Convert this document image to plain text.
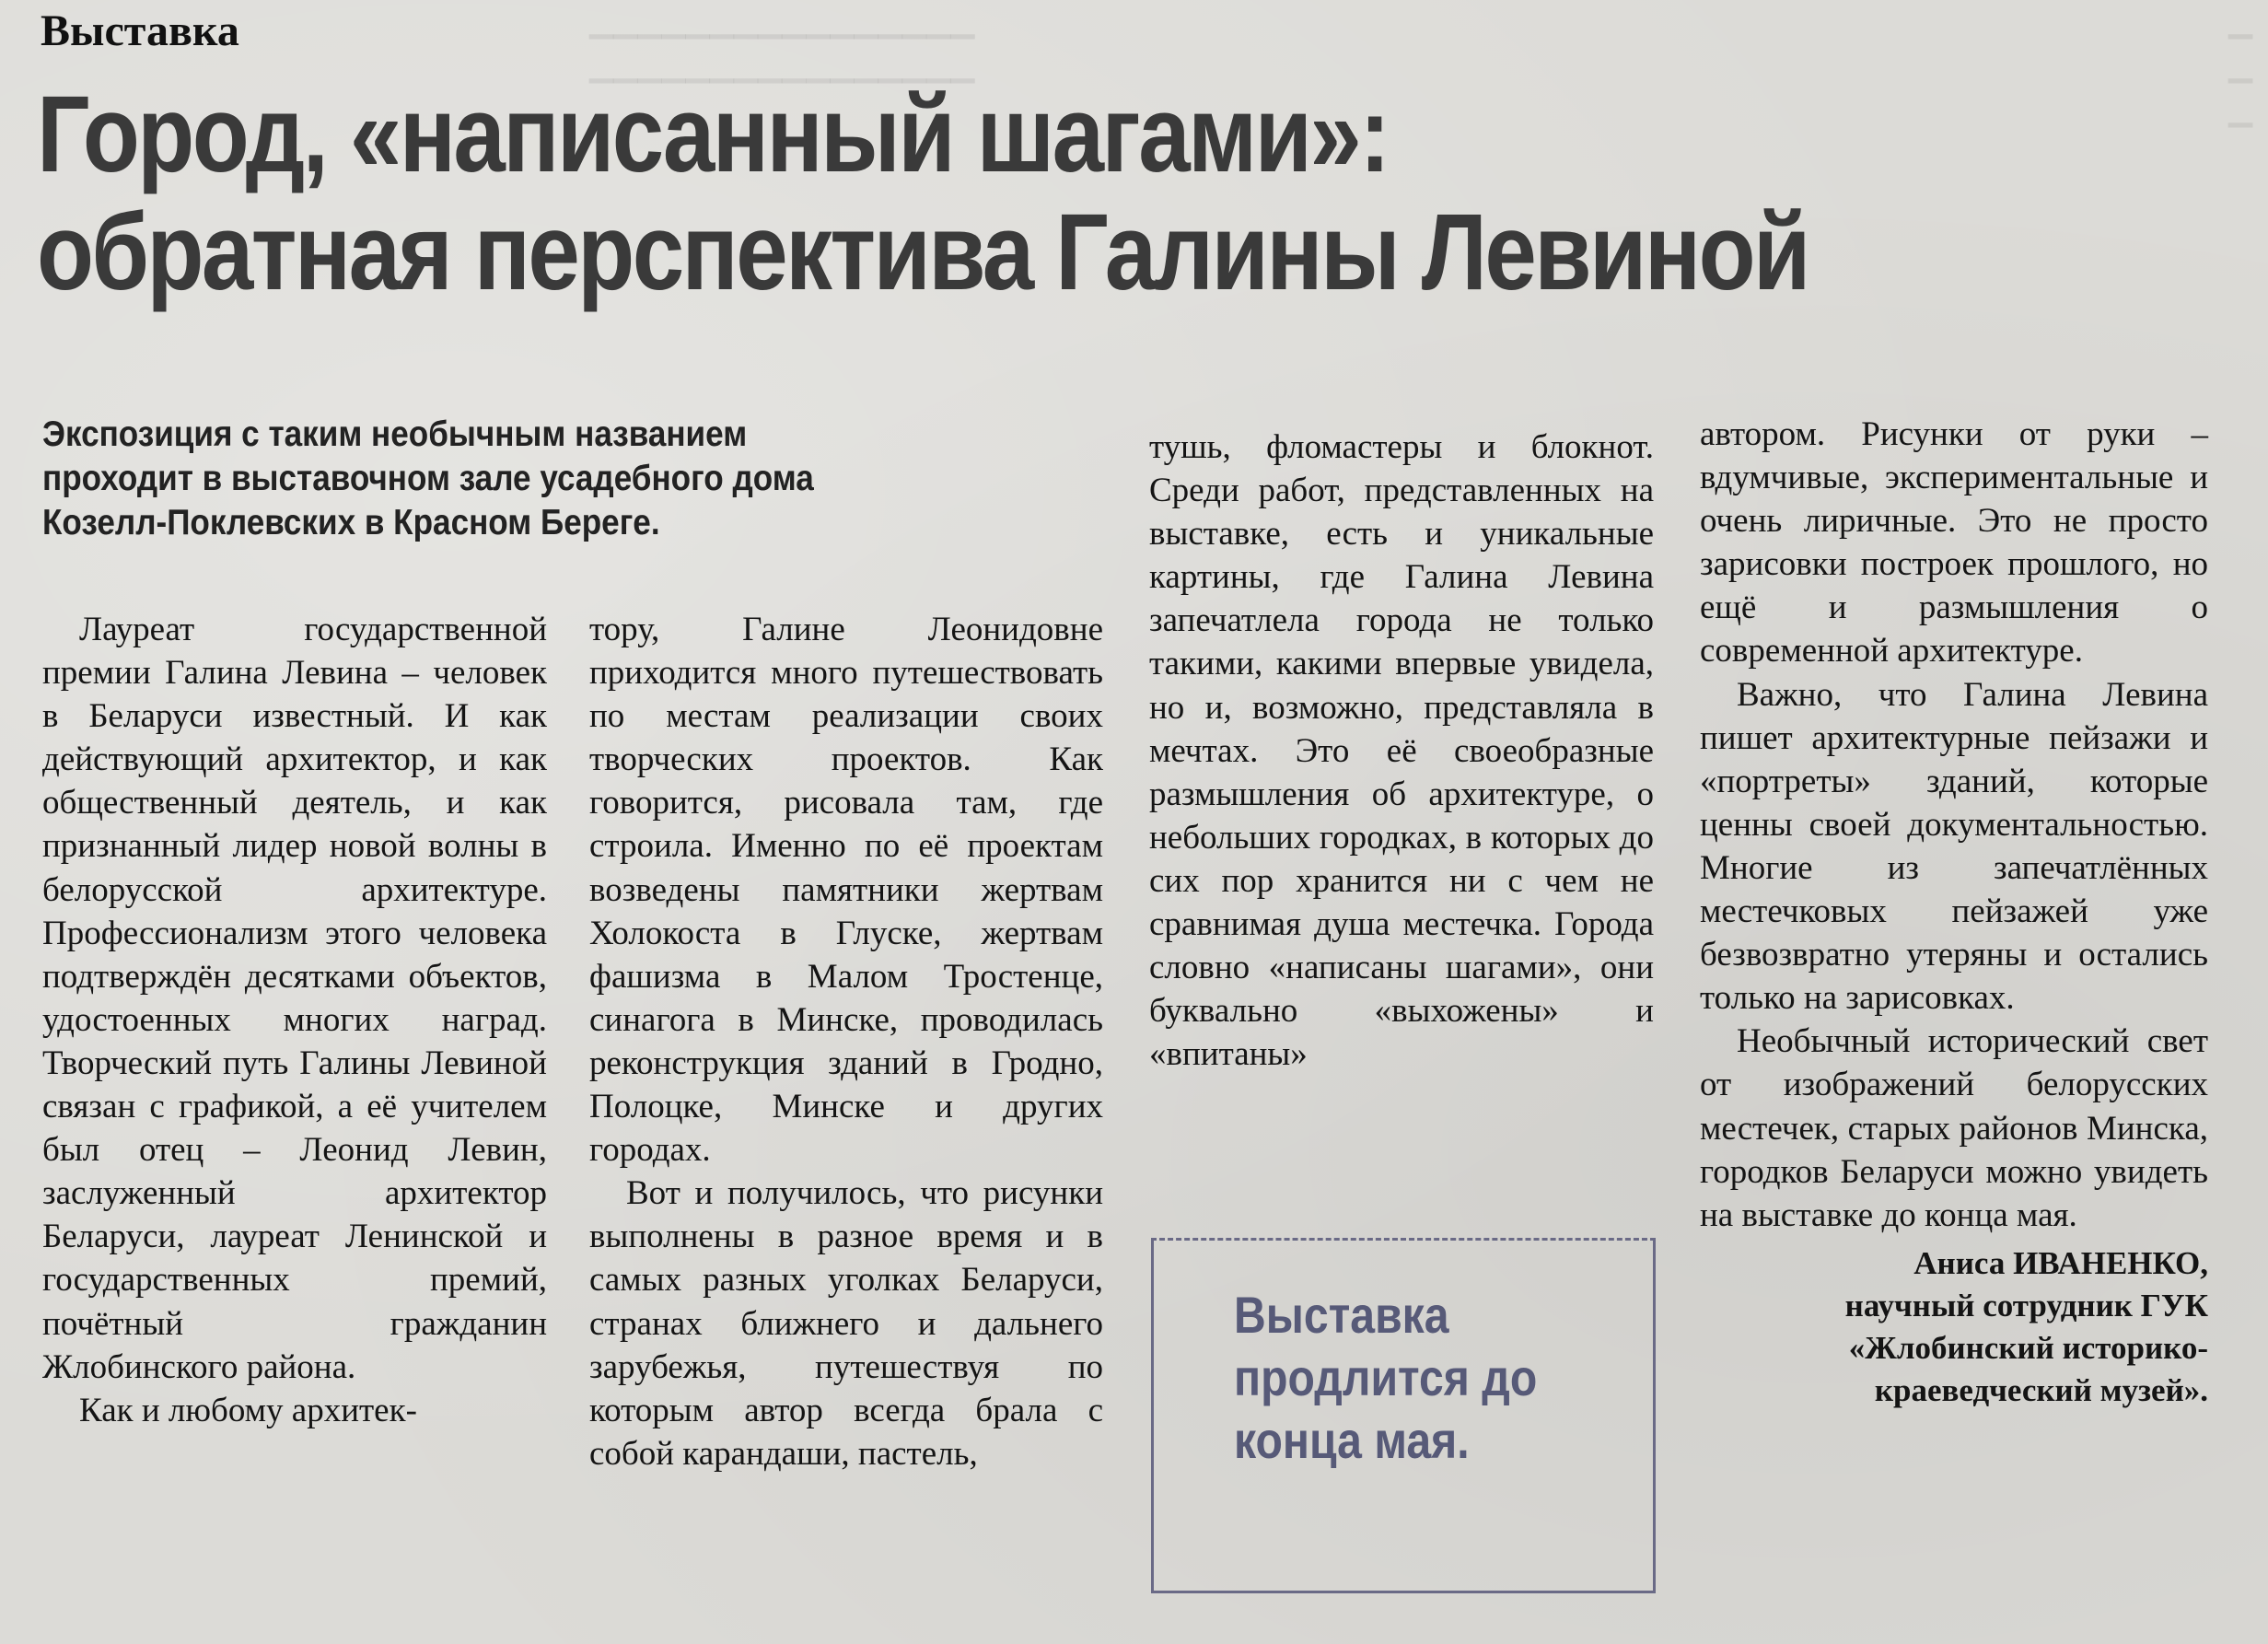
Выставка
Город, «написанный шагами»:
обратная перспектива Галины Левиной
Экспозиция с таким необычным названием проходит в выставочном зале усадебного дома Козелл-Поклевских в Красном Береге.

Лауреат государственной премии Галина Левина – человек в Беларуси известный. И как действующий архитектор, и как общественный деятель, и как признанный лидер новой волны в белорусской архитектуре. Профессионализм этого человека подтверждён десятками объектов, удостоенных многих наград. Творческий путь Галины Левиной связан с графикой, а её учителем был отец – Леонид Левин, заслуженный архитектор Беларуси, лауреат Ленинской и государственных премий, почётный гражданин Жлобинского района.

Как и любому архитек-

тору, Галине Леонидовне приходится много путешествовать по местам реализации своих творческих проектов. Как говорится, рисовала там, где строила. Именно по её проектам возведены памятники жертвам Холокоста в Глуске, жертвам фашизма в Малом Тростенце, синагога в Минске, проводилась реконструкция зданий в Гродно, Полоцке, Минске и других городах.

Вот и получилось, что рисунки выполнены в разное время и в самых разных уголках Беларуси, странах ближнего и дальнего зарубежья, путешествуя по которым автор всегда брала с собой карандаши, пастель,

тушь, фломастеры и блокнот. Среди работ, представленных на выставке, есть и уникальные картины, где Галина Левина запечатлела города не только такими, какими впервые увидела, но и, возможно, представляла в мечтах. Это её своеобразные размышления об архитектуре, о небольших городках, в которых до сих пор хранится ни с чем не сравнимая душа местечка. Города словно «написаны шагами», они буквально «выхожены» и «впитаны»

Выставка продлится до конца мая.

автором. Рисунки от руки – вдумчивые, экспериментальные и очень лиричные. Это не просто зарисовки построек прошлого, но ещё и размышления о современной архитектуре.

Важно, что Галина Левина пишет архитектурные пейзажи и «портреты» зданий, которые ценны своей документальностью. Многие из запечатлённых местечковых пейзажей уже безвозвратно утеряны и остались только на зарисовках.

Необычный исторический свет от изображений белорусских местечек, старых районов Минска, городков Беларуси можно увидеть на выставке до конца мая.

Аниса ИВАНЕНКО,
научный сотрудник ГУК
«Жлобинский историко-
краеведческий музей».
